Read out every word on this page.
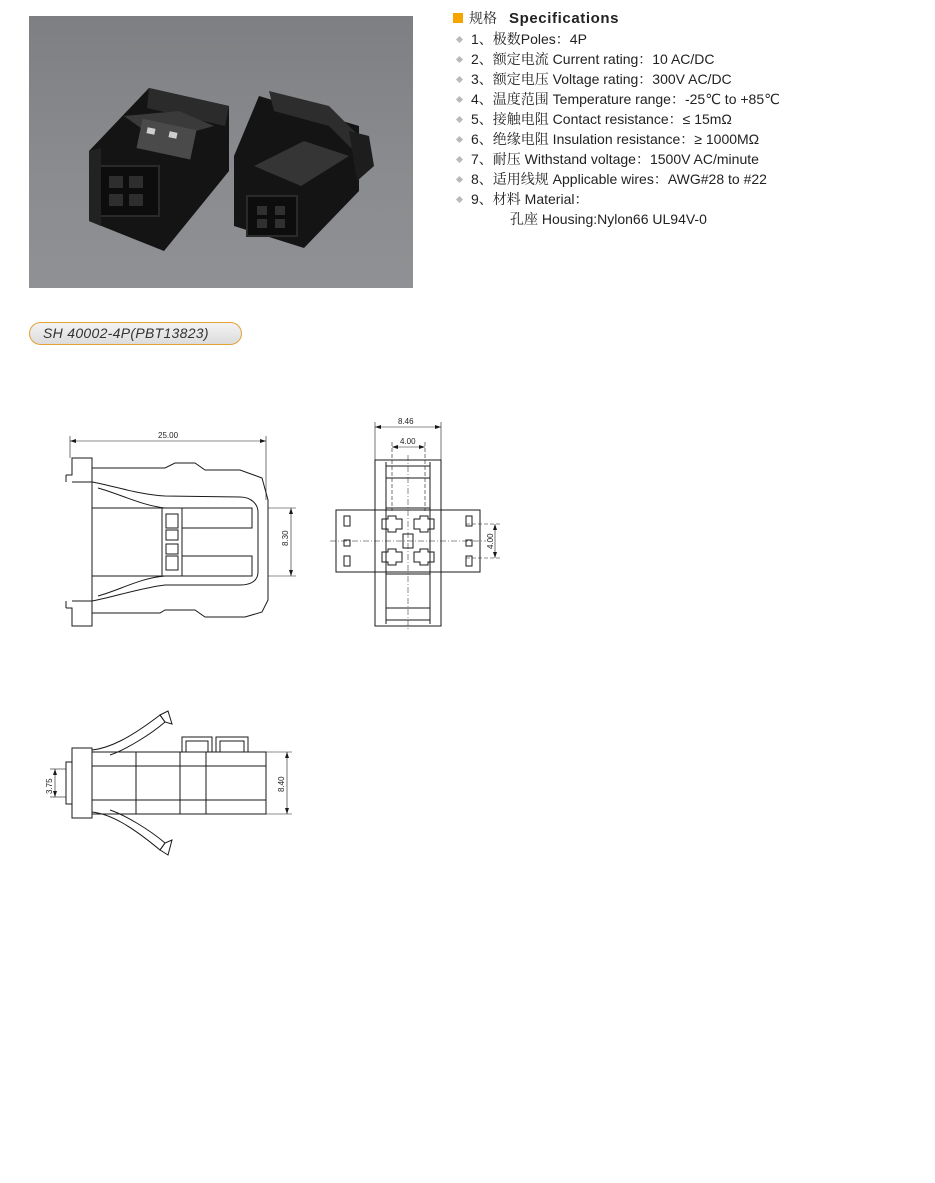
规格 Specifications
1、极数Poles：4P
2、额定电流 Current rating：10 AC/DC
3、额定电压 Voltage rating：300V AC/DC
4、温度范围 Temperature range：-25℃ to +85℃
5、接触电阻 Contact resistance：≤ 15mΩ
6、绝缘电阻 Insulation resistance：≥ 1000MΩ
7、耐压 Withstand voltage：1500V AC/minute
8、适用线规 Applicable wires：AWG#28 to #22
9、材料 Material：
孔座 Housing:Nylon66 UL94V-0
SH 40002-4P(PBT13823)
25.00
8.30
8.46
4.00
4.00
3.75	8.40
